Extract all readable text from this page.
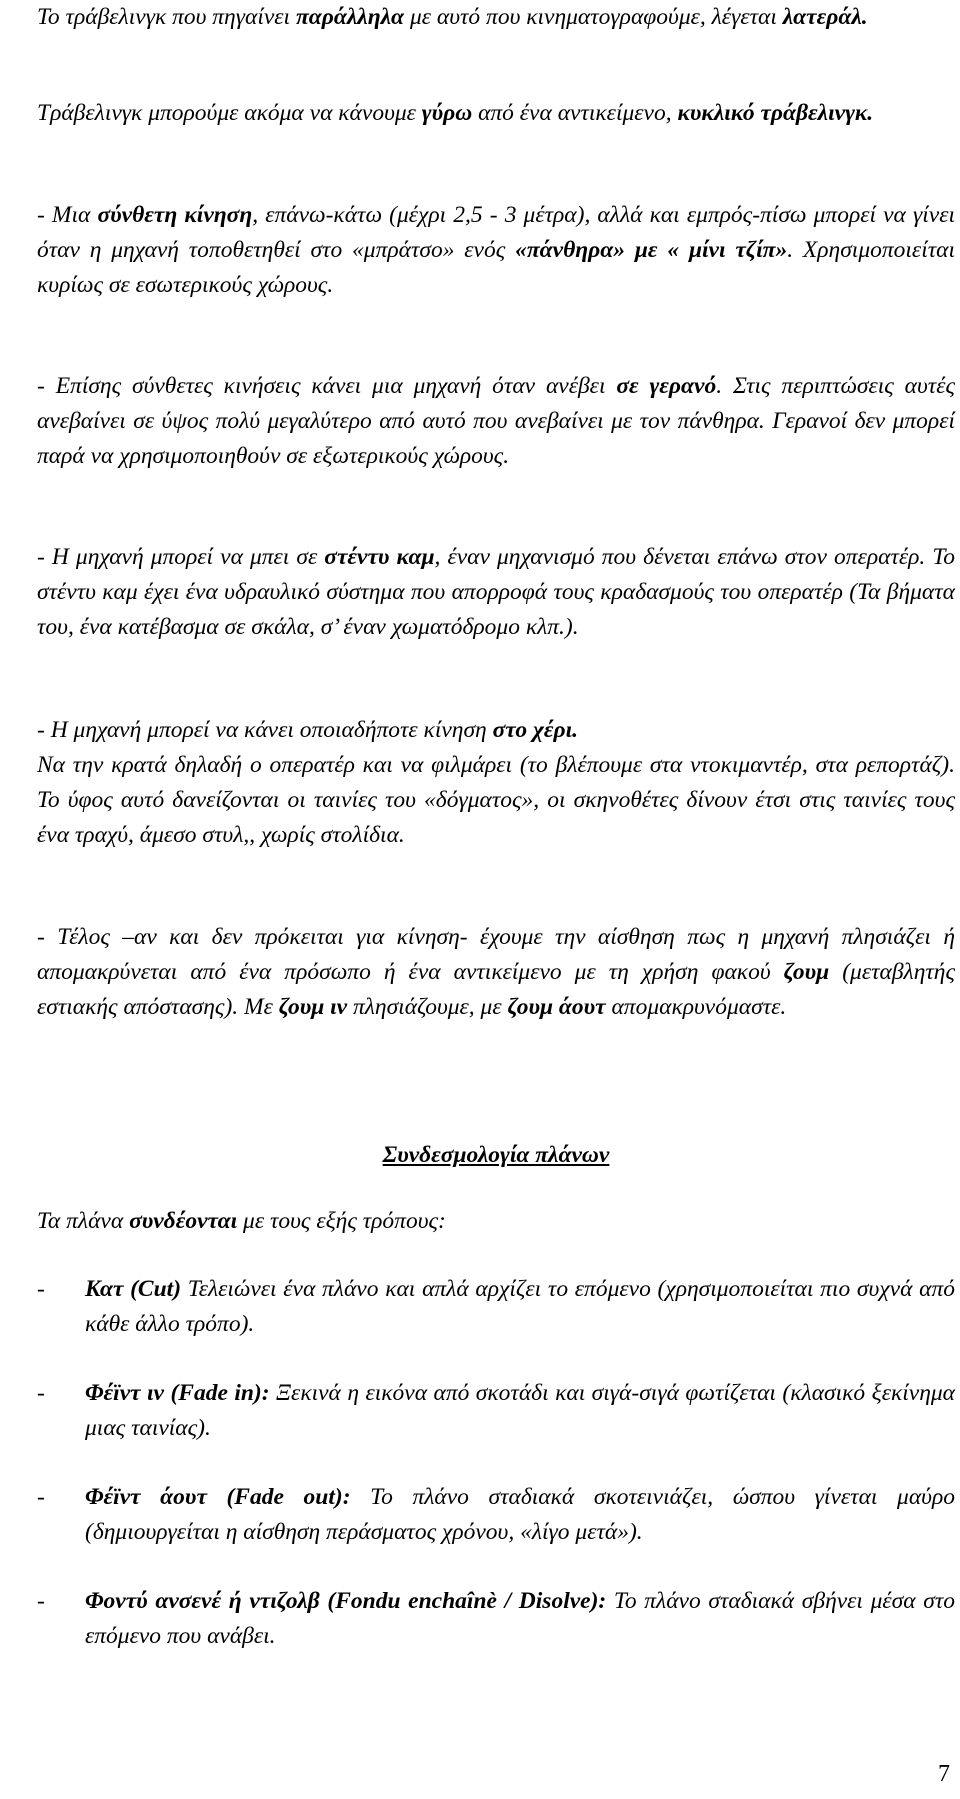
Το τράβελινγκ που πηγαίνει παράλληλα με αυτό που κινηματογραφούμε, λέγεται λατεράλ.

Τράβελινγκ μπορούμε ακόμα να κάνουμε γύρω από ένα αντικείμενο, κυκλικό τράβελινγκ.

- Μια σύνθετη κίνηση, επάνω-κάτω (μέχρι 2,5 - 3 μέτρα), αλλά και εμπρός-πίσω μπορεί να γίνει όταν η μηχανή τοποθετηθεί στο «μπράτσο» ενός «πάνθηρα» με « μίνι τζίπ». Χρησιμοποιείται κυρίως σε εσωτερικούς χώρους.

- Επίσης σύνθετες κινήσεις κάνει μια μηχανή όταν ανέβει σε γερανό. Στις περιπτώσεις αυτές ανεβαίνει σε ύψος πολύ μεγαλύτερο από αυτό που ανεβαίνει με τον πάνθηρα. Γερανοί δεν μπορεί παρά να χρησιμοποιηθούν σε εξωτερικούς χώρους.

- Η μηχανή μπορεί να μπει σε στέντυ καμ, έναν μηχανισμό που δένεται επάνω στον οπερατέρ. Το στέντυ καμ έχει ένα υδραυλικό σύστημα που απορροφά τους κραδασμούς του οπερατέρ (Τα βήματα του, ένα κατέβασμα σε σκάλα, σ’ έναν χωματόδρομο κλπ.).

- Η μηχανή μπορεί να κάνει οποιαδήποτε κίνηση στο χέρι.

Να την κρατά δηλαδή ο οπερατέρ και να φιλμάρει (το βλέπουμε στα ντοκιμαντέρ, στα ρεπορτάζ). Το ύφος αυτό δανείζονται οι ταινίες του «δόγματος», οι σκηνοθέτες δίνουν έτσι στις ταινίες τους ένα τραχύ, άμεσο στυλ,, χωρίς στολίδια.

- Τέλος –αν και δεν πρόκειται για κίνηση- έχουμε την αίσθηση πως η μηχανή πλησιάζει ή απομακρύνεται από ένα πρόσωπο ή ένα αντικείμενο με τη χρήση φακού ζουμ (μεταβλητής εστιακής απόστασης). Με ζουμ ιν πλησιάζουμε, με ζουμ άουτ απομακρυνόμαστε.

Συνδεσμολογία πλάνων

Τα πλάνα συνδέονται με τους εξής τρόπους:

- Κατ (Cut) Τελειώνει ένα πλάνο και απλά αρχίζει το επόμενο (χρησιμοποιείται πιο συχνά από κάθε άλλο τρόπο).

- Φέϊντ ιν (Fade in): Ξεκινά η εικόνα από σκοτάδι και σιγά-σιγά φωτίζεται (κλασικό ξεκίνημα μιας ταινίας).

- Φέϊντ άουτ (Fade out): Το πλάνο σταδιακά σκοτεινιάζει, ώσπου γίνεται μαύρο (δημιουργείται η αίσθηση περάσματος χρόνου, «λίγο μετά»).

- Φοντύ ανσενέ ή ντιζολβ (Fondu enchaînè / Disolve): Το πλάνο σταδιακά σβήνει μέσα στο επόμενο που ανάβει.

7
